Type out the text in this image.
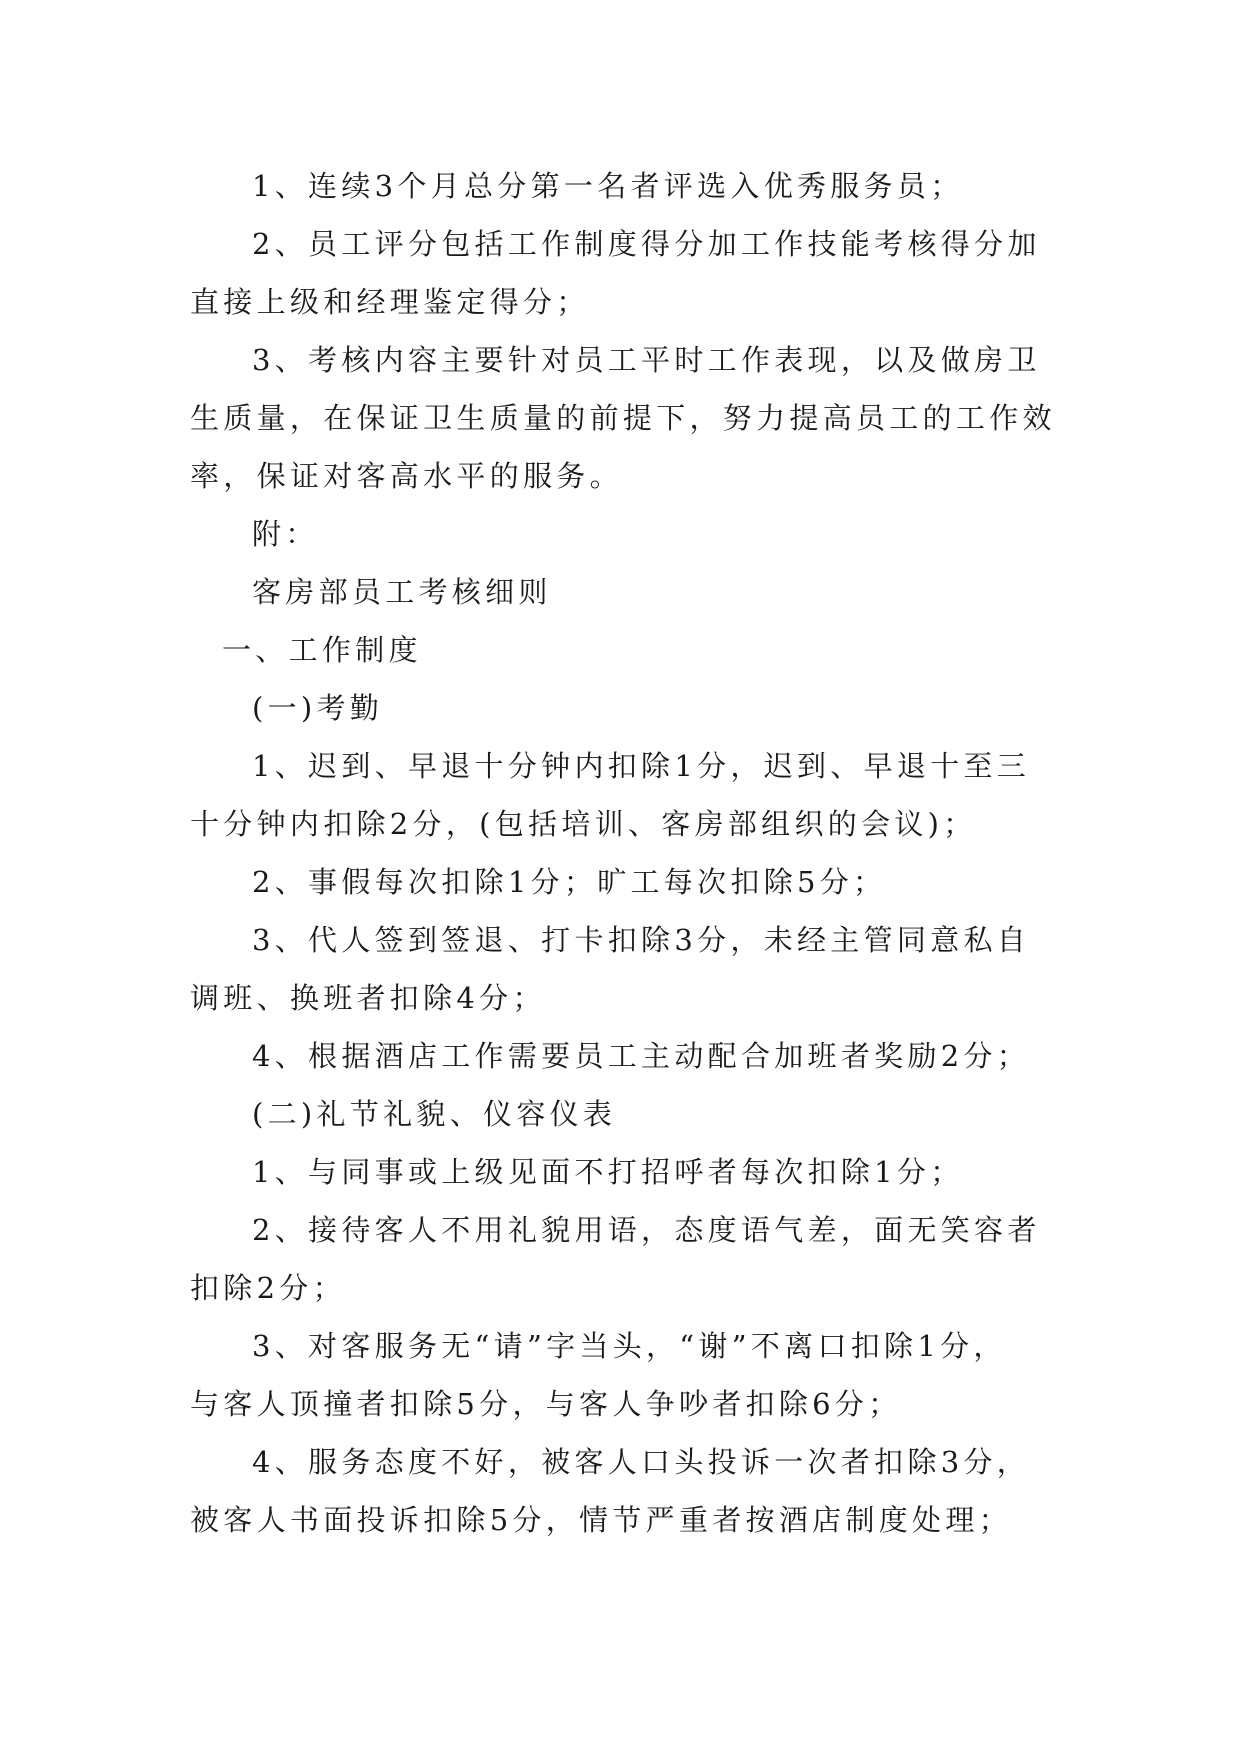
1、连续3个月总分第一名者评选入优秀服务员；
2、员工评分包括工作制度得分加工作技能考核得分加
直接上级和经理鉴定得分；
3、考核内容主要针对员工平时工作表现，以及做房卫
生质量，在保证卫生质量的前提下，努力提高员工的工作效
率，保证对客高水平的服务。
附：
客房部员工考核细则
一、工作制度
(一)考勤
1、迟到、早退十分钟内扣除1分，迟到、早退十至三
十分钟内扣除2分，(包括培训、客房部组织的会议)；
2、事假每次扣除1分；旷工每次扣除5分；
3、代人签到签退、打卡扣除3分，未经主管同意私自
调班、换班者扣除4分；
4、根据酒店工作需要员工主动配合加班者奖励2分；
(二)礼节礼貌、仪容仪表
1、与同事或上级见面不打招呼者每次扣除1分；
2、接待客人不用礼貌用语，态度语气差，面无笑容者
扣除2分；
3、对客服务无“请”字当头，“谢”不离口扣除1分，
与客人顶撞者扣除5分，与客人争吵者扣除6分；
4、服务态度不好，被客人口头投诉一次者扣除3分，
被客人书面投诉扣除5分，情节严重者按酒店制度处理；
